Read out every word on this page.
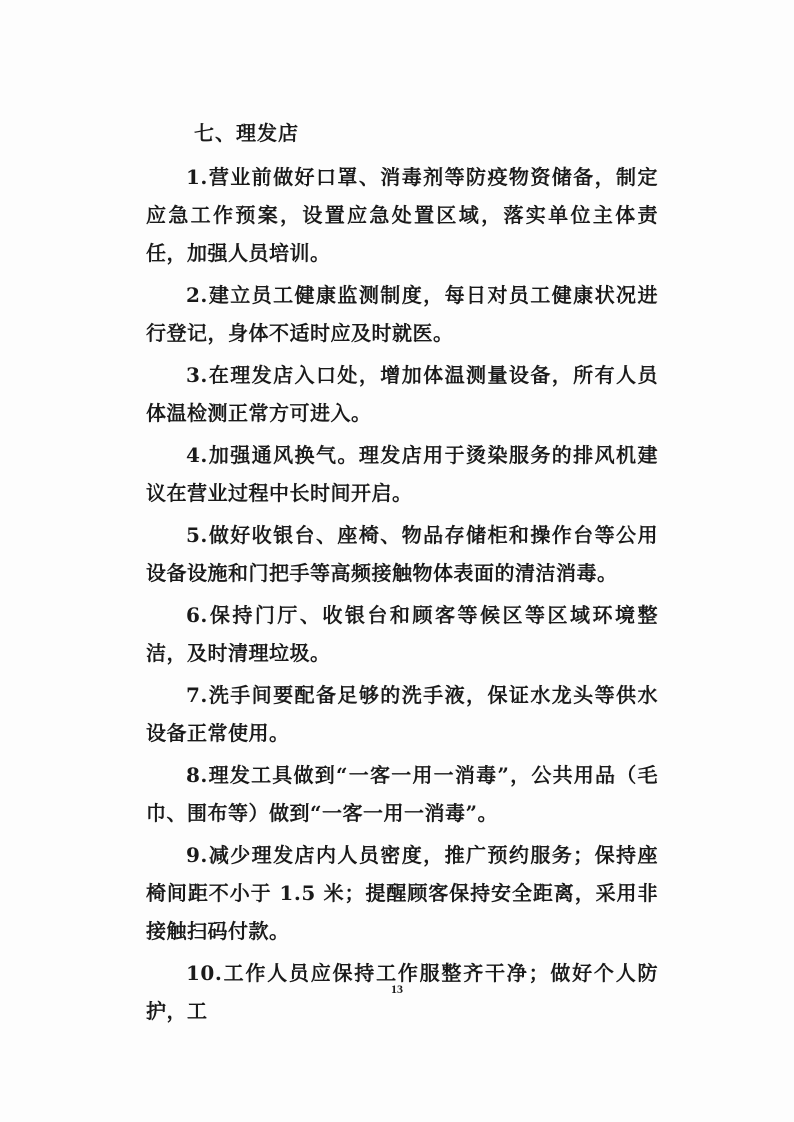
七、理发店

1.营业前做好口罩、消毒剂等防疫物资储备，制定应急工作预案，设置应急处置区域，落实单位主体责任，加强人员培训。

2.建立员工健康监测制度，每日对员工健康状况进行登记，身体不适时应及时就医。

3.在理发店入口处，增加体温测量设备，所有人员体温检测正常方可进入。

4.加强通风换气。理发店用于烫染服务的排风机建议在营业过程中长时间开启。

5.做好收银台、座椅、物品存储柜和操作台等公用设备设施和门把手等高频接触物体表面的清洁消毒。

6.保持门厅、收银台和顾客等候区等区域环境整洁，及时清理垃圾。

7.洗手间要配备足够的洗手液，保证水龙头等供水设备正常使用。

8.理发工具做到“一客一用一消毒”，公共用品（毛巾、围布等）做到“一客一用一消毒”。

9.减少理发店内人员密度，推广预约服务；保持座椅间距不小于 1.5 米；提醒顾客保持安全距离，采用非接触扫码付款。

10.工作人员应保持工作服整齐干净；做好个人防护，工

13
